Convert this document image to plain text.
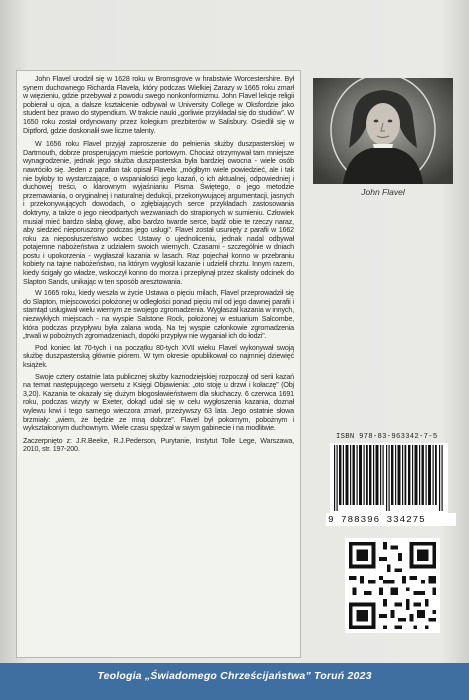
John Flavel urodził się w 1628 roku w Bromsgrove w hrabstwie Worcestershire. Był synem duchownego Richarda Flavela, który podczas Wielkiej Zarazy w 1665 roku zmarł w więzieniu, gdzie przebywał z powodu swego nonkonformizmu. John Flavel lekcje religii pobierał u ojca, a dalsze kształcenie odbywał w University College w Oksfordzie jako student bez prawo do stypendium. W trakcie nauki „gorliwie przykładał się do studiów”. W 1650 roku został ordynowany przez kolegium prezbiterów w Salisbury. Osiedlił się w Diptford, gdzie doskonalił swe liczne talenty.

W 1656 roku Flavel przyjął zaproszenie do pełnienia służby duszpasterskiej w Dartmouth, dobrze prosperującym mieście portowym. Chociaż otrzymywał tam mniejsze wynagrodzenie, jednak jego służba duszpasterska była bardziej owocna - wiele osób nawróciło się. Jeden z parafian tak opisał Flavela: „mógłbym wiele powiedzieć, ale i tak nie byłoby to wystarczające, o wspaniałości jego kazań, o ich aktualnej, odpowiedniej i duchowej treści, o klarownym wyjaśnianiu Pisma Świętego, o jego metodzie przemawiania, o oryginalnej i naturalnej dedukcji, przekonywującej argumentacji, jasnych i przekonywujących dowodach, o zgłębiających serce przykładach zastosowania doktryny, a także o jego nieodpartych wezwaniach do strapionych w sumieniu. Człowiek musiał mieć bardzo słabą głowę, albo bardzo twarde serce, bądź obie te rzeczy naraz, aby siedzieć nieporuszony podczas jego usługi”. Flavel został usunięty z parafii w 1662 roku za nieposłuszeństwo wobec Ustawy o ujednoliceniu, jednak nadal odbywał potajemne nabożeństwa z udziałem swoich wiernych. Czasami - szczególnie w dniach postu i upokorzenia - wygłaszał kazania w lasach. Raz pojechał konno w przebraniu kobiety na tajne nabożeństwo, na którym wygłosił kazanie i udzielił chrztu. Innym razem, kiedy ścigały go władze, wskoczył konno do morza i przepłynął przez skalisty odcinek do Slapton Sands, unikając w ten sposób aresztowania.

W 1665 roku, kiedy weszła w życie Ustawa o pięciu milach, Flavel przeprowadził się do Slapton, miejscowości położonej w odległości ponad pięciu mil od jego dawnej parafii i stamtąd usługiwał wielu wiernym ze swojego zgromadzenia. Wygłaszał kazania w innych, niezwykłych miejscach - na wyspie Salstone Rock, położonej w estuarium Salcombe, która podczas przypływu była zalana wodą. Na tej wyspie członkowie zgromadzenia „trwali w pobożnych zgromadzeniach, dopóki przypływ nie wyganiał ich do łodzi”.

Pod koniec lat 70-tych i na początku 80-tych XVII wieku Flavel wykonywał swoją służbę duszpasterską głównie piórem. W tym okresie opublikował co najmniej dziewięć książek.

Swoje cztery ostatnie lata publicznej służby kaznodziejskiej rozpoczął od serii kazań na temat następującego wersetu z Księgi Objawienia: „oto stoję u drzwi i kołaczę” (Obj 3,20). Kazania te okazały się dużym błogosławieństwem dla słuchaczy. 6 czerwca 1691 roku, podczas wizyty w Exeter, dokąd udał się w celu wygłoszenia kazania, doznał wylewu krwi i tego samego wieczora zmarł, przeżywszy 63 lata. Jego ostatnie słowa brzmiały: „wiem, że będzie ze mną dobrze”. Flavel był pokornym, pobożnym i wykształconym duchownym. Wiele czasu spędzał w swym gabinecie i na modlitwie.

Zaczerpnięto z: J.R.Beeke, R.J.Pederson, Purytanie, Instytut Tolle Lege, Warszawa, 2010, str. 197-200.

John Flavel
ISBN 978-83-963342-7-5
9 788396 334275
Teologia „Świadomego Chrześcijaństwa” Toruń 2023
